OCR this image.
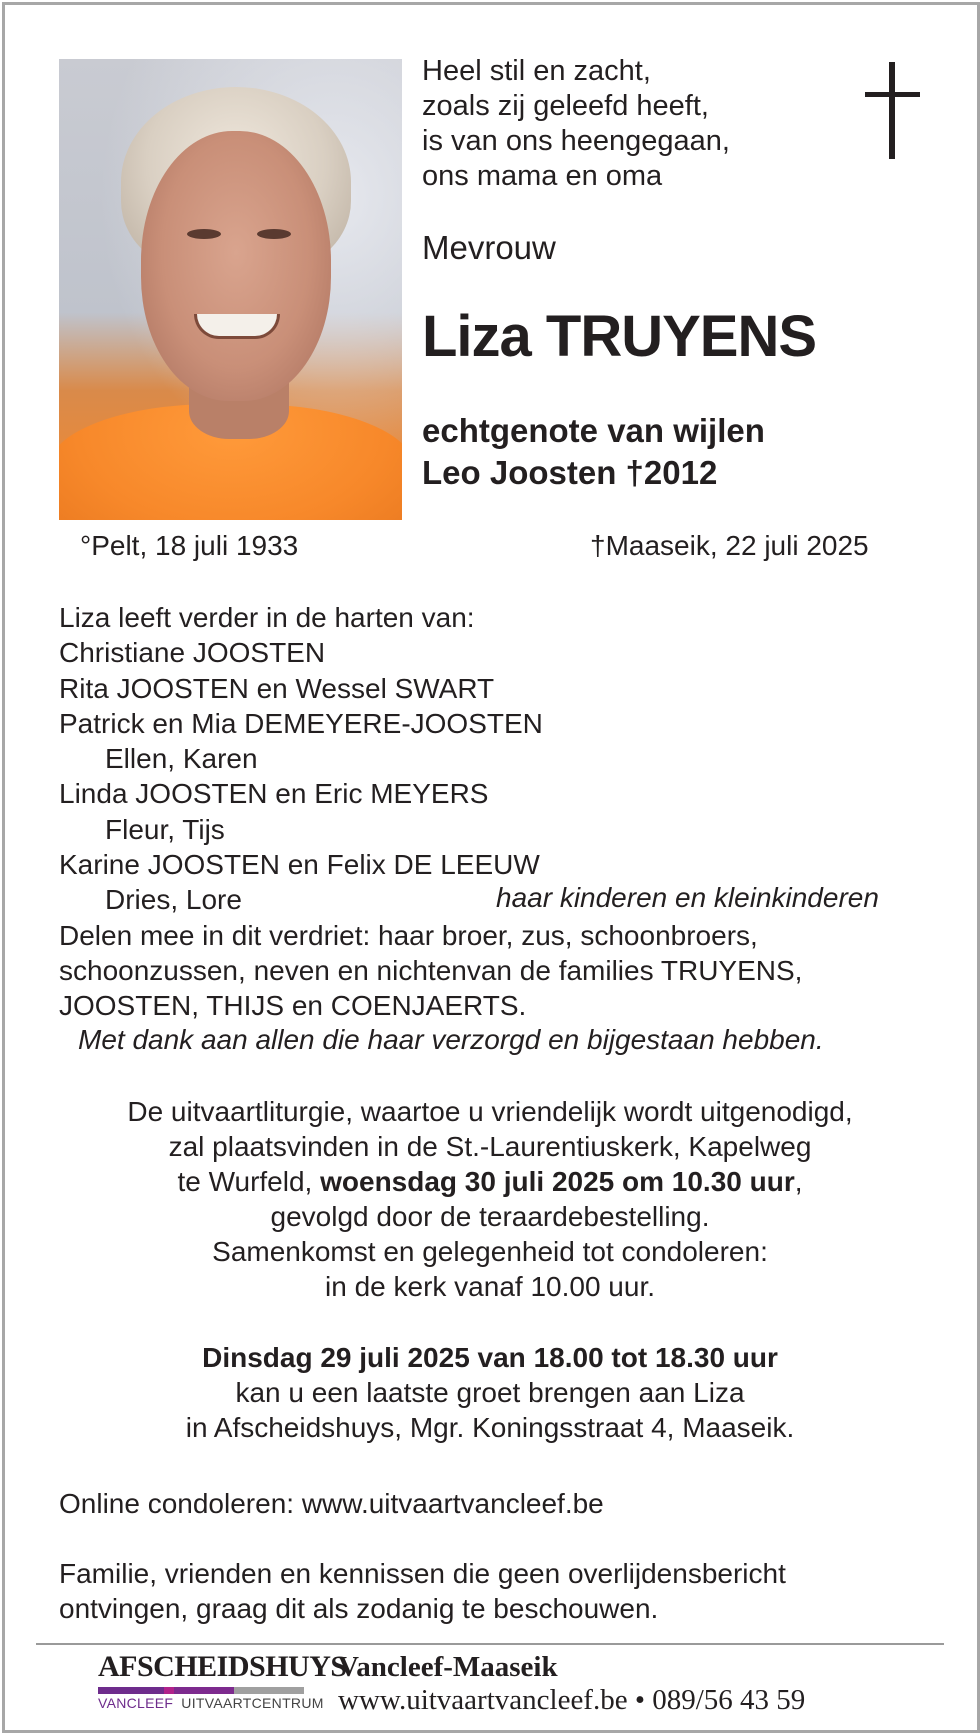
Heel stil en zacht,
zoals zij geleefd heeft,
is van ons heengegaan,
ons mama en oma
Mevrouw
Liza TRUYENS
echtgenote van wijlen
Leo Joosten †2012
°Pelt, 18 juli 1933	†Maaseik, 22 juli 2025
Liza leeft verder in de harten van:
Christiane JOOSTEN
Rita JOOSTEN en Wessel SWART
Patrick en Mia DEMEYERE-JOOSTEN
Ellen, Karen
Linda JOOSTEN en Eric MEYERS
Fleur, Tijs
Karine JOOSTEN en Felix DE LEEUW
Dries, Lore
Delen mee in dit verdriet: haar broer, zus, schoonbroers,
schoonzussen, neven en nichtenvan de families TRUYENS,
JOOSTEN, THIJS en COENJAERTS.
haar kinderen en kleinkinderen
Met dank aan allen die haar verzorgd en bijgestaan hebben.
De uitvaartliturgie, waartoe u vriendelijk wordt uitgenodigd,
zal plaatsvinden in de St.-Laurentiuskerk, Kapelweg
te Wurfeld, woensdag 30 juli 2025 om 10.30 uur,
gevolgd door de teraardebestelling.
Samenkomst en gelegenheid tot condoleren:
in de kerk vanaf 10.00 uur.
Dinsdag 29 juli 2025 van 18.00 tot 18.30 uur
kan u een laatste groet brengen aan Liza
in Afscheidshuys, Mgr. Koningsstraat 4, Maaseik.
Online condoleren: www.uitvaartvancleef.be
Familie, vrienden en kennissen die geen overlijdensbericht
ontvingen, graag dit als zodanig te beschouwen.
AFSCHEIDSHUYS
VANCLEEF UITVAARTCENTRUM
Vancleef-Maaseik
www.uitvaartvancleef.be • 089/56 43 59
